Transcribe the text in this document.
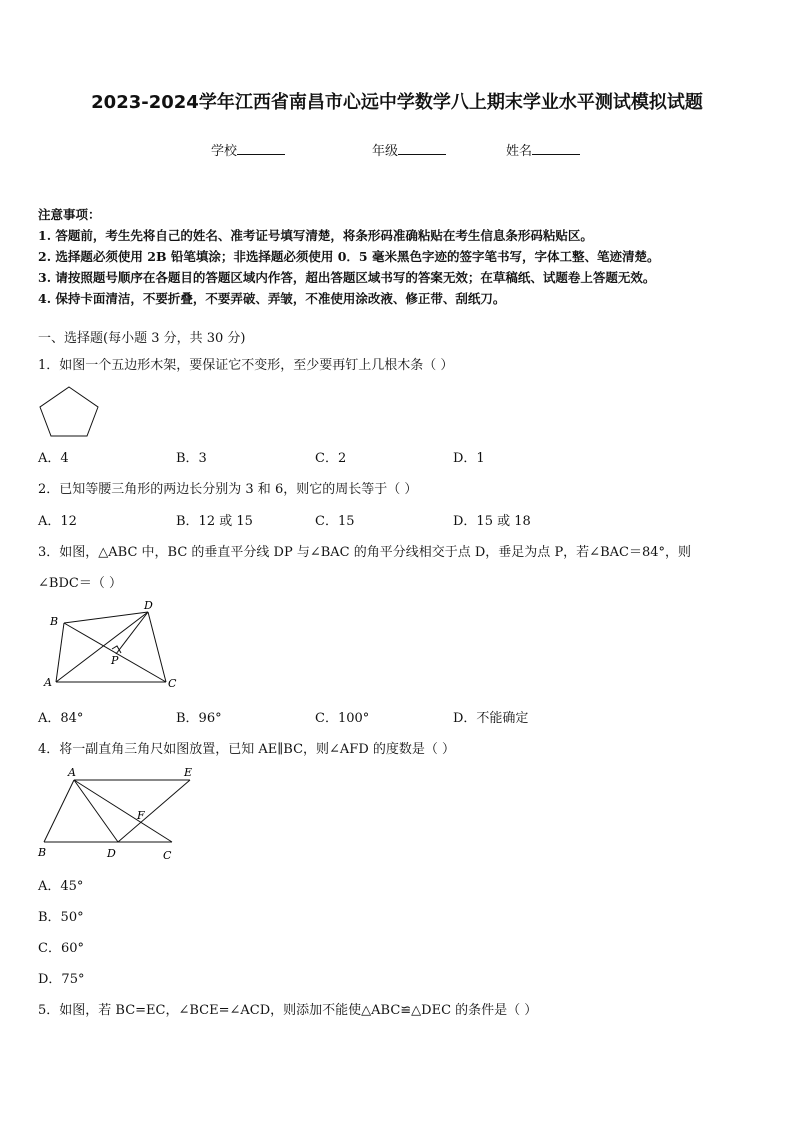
2023-2024学年江西省南昌市心远中学数学八上期末学业水平测试模拟试题
学校	年级	姓名
注意事项：
1. 答题前，考生先将自己的姓名、准考证号填写清楚，将条形码准确粘贴在考生信息条形码粘贴区。
2. 选择题必须使用 2B 铅笔填涂；非选择题必须使用 0．5 毫米黑色字迹的签字笔书写，字体工整、笔迹清楚。
3. 请按照题号顺序在各题目的答题区域内作答，超出答题区域书写的答案无效；在草稿纸、试题卷上答题无效。
4. 保持卡面清洁，不要折叠，不要弄破、弄皱，不准使用涂改液、修正带、刮纸刀。
一、选择题(每小题 3 分，共 30 分)
1．如图一个五边形木架，要保证它不变形，至少要再钉上几根木条（ ）
A．4	B．3	C．2	D．1
2．已知等腰三角形的两边长分别为 3 和 6，则它的周长等于（ ）
A．12	B．12 或 15	C．15	D．15 或 18
3．如图，△ABC 中，BC 的垂直平分线 DP 与∠BAC 的角平分线相交于点 D，垂足为点 P，若∠BAC＝84°，则
∠BDC＝（ ）
B
D
P
A	C
A．84°	B．96°	C．100°	D．不能确定
4．将一副直角三角尺如图放置，已知 AE∥BC，则∠AFD 的度数是（ ）
A	E
F
B	D	C
A．45°
B．50°
C．60°
D．75°
5．如图，若 BC=EC，∠BCE=∠ACD，则添加不能使△ABC≌△DEC 的条件是（ ）
